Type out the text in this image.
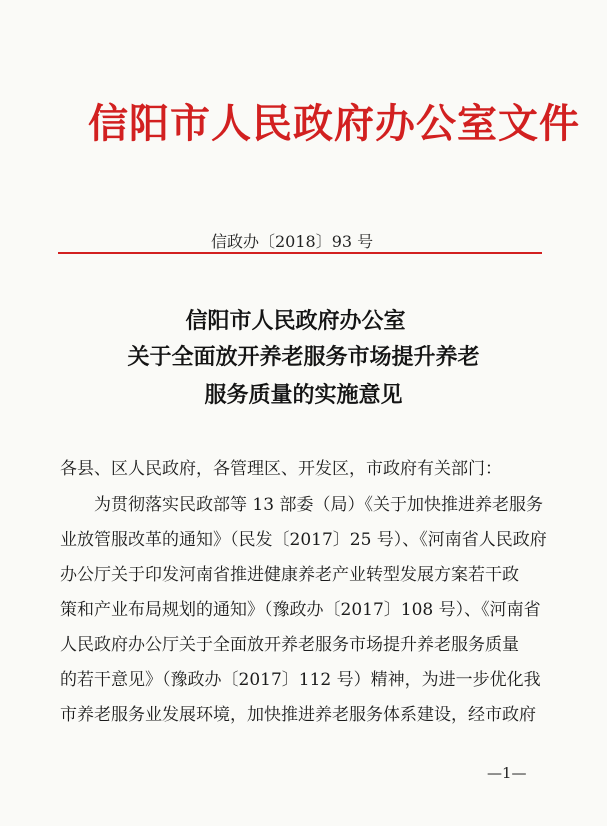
信阳市人民政府办公室文件
信政办〔2018〕93 号
信阳市人民政府办公室
关于全面放开养老服务市场提升养老
服务质量的实施意见
各县、区人民政府，各管理区、开发区，市政府有关部门：
为贯彻落实民政部等 13 部委（局）《关于加快推进养老服务
业放管服改革的通知》（民发〔2017〕25 号）、《河南省人民政府
办公厅关于印发河南省推进健康养老产业转型发展方案若干政
策和产业布局规划的通知》（豫政办〔2017〕108 号）、《河南省
人民政府办公厅关于全面放开养老服务市场提升养老服务质量
的若干意见》（豫政办〔2017〕112 号）精神，为进一步优化我
市养老服务业发展环境，加快推进养老服务体系建设，经市政府
—1—
